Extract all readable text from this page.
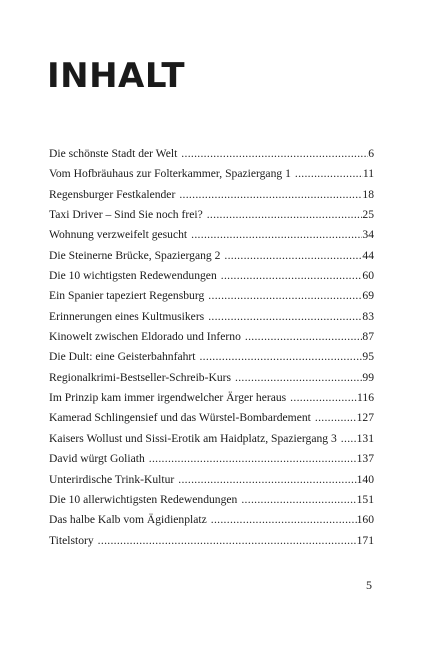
INHALT
Die schönste Stadt der Welt .....	6
Vom Hofbräuhaus zur Folterkammer, Spaziergang 1 .....	11
Regensburger Festkalender .....	18
Taxi Driver – Sind Sie noch frei? .....	25
Wohnung verzweifelt gesucht .....	34
Die Steinerne Brücke, Spaziergang 2 .....	44
Die 10 wichtigsten Redewendungen .....	60
Ein Spanier tapeziert Regensburg .....	69
Erinnerungen eines Kultmusikers .....	83
Kinowelt zwischen Eldorado und Inferno .....	87
Die Dult: eine Geisterbahnfahrt .....	95
Regionalkrimi-Bestseller-Schreib-Kurs .....	99
Im Prinzip kam immer irgendwelcher Ärger heraus .....	116
Kamerad Schlingensief und das Würstel-Bombardement .....	127
Kaisers Wollust und Sissi-Erotik am Haidplatz, Spaziergang 3 .....	131
David würgt Goliath .....	137
Unterirdische Trink-Kultur .....	140
Die 10 allerwichtigsten Redewendungen .....	151
Das halbe Kalb vom Ägidienplatz .....	160
Titelstory .....	171
5
